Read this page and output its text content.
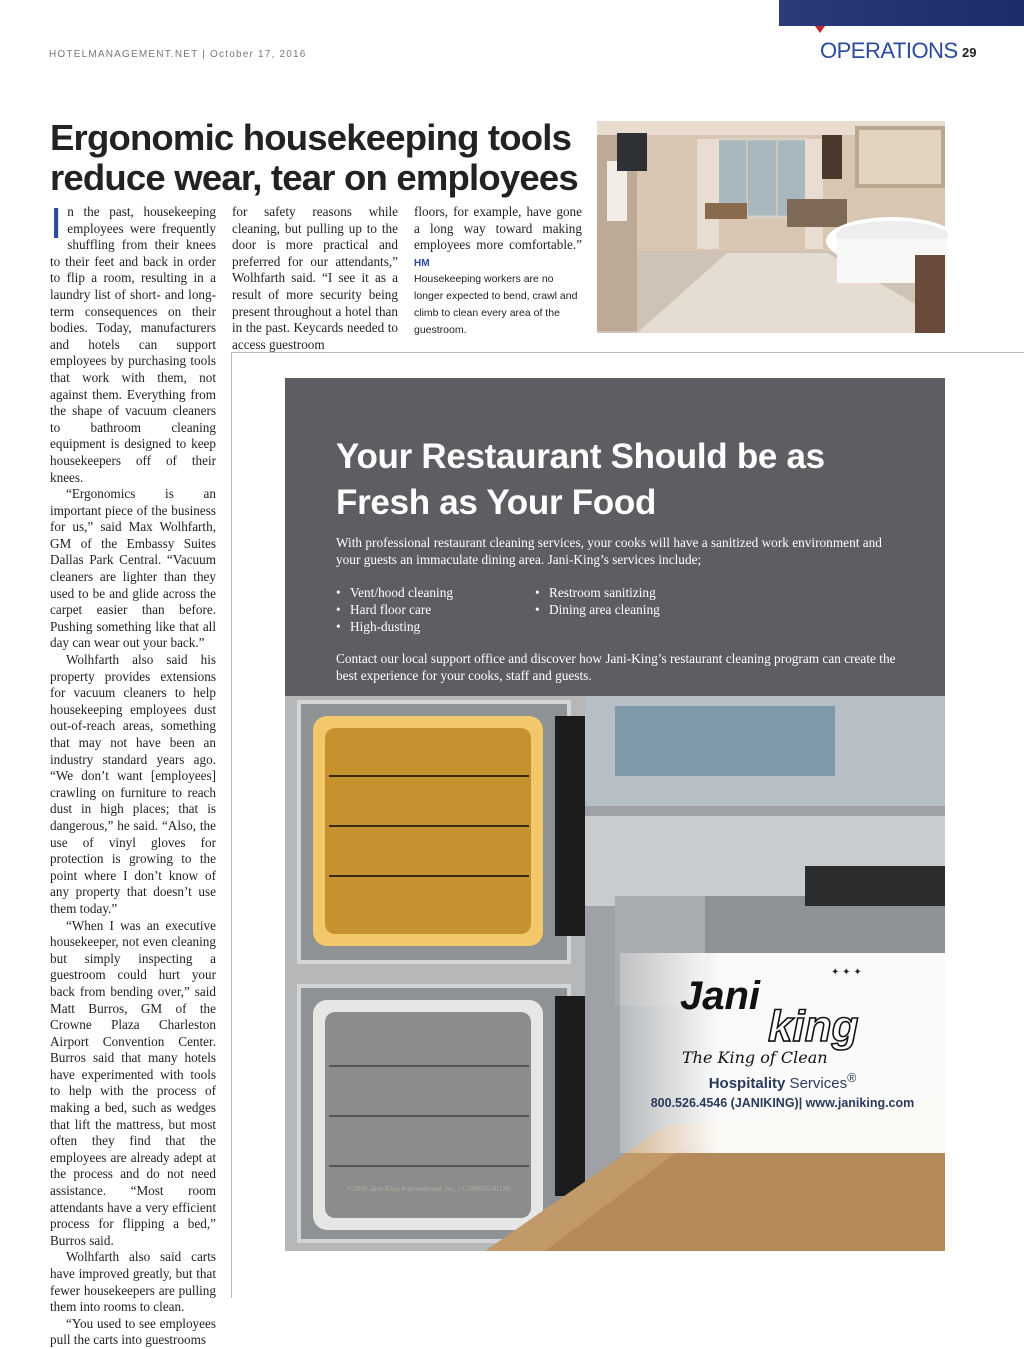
HOTELMANAGEMENT.NET | October 17, 2016	OPERATIONS 29
Ergonomic housekeeping tools reduce wear, tear on employees

In the past, housekeeping employees were frequently shuffling from their knees to their feet and back in order to flip a room, resulting in a laundry list of short- and long-term consequences on their bodies. Today, manufacturers and hotels can support employees by purchasing tools that work with them, not against them. Everything from the shape of vacuum cleaners to bathroom cleaning equipment is designed to keep housekeepers off of their knees.

“Ergonomics is an important piece of the business for us,” said Max Wolhfarth, GM of the Embassy Suites Dallas Park Central. “Vacuum cleaners are lighter than they used to be and glide across the carpet easier than before. Pushing something like that all day can wear out your back.”

Wolhfarth also said his property provides extensions for vacuum cleaners to help housekeeping employees dust out-of-reach areas, something that may not have been an industry standard years ago. “We don’t want [employees] crawling on furniture to reach dust in high places; that is dangerous,” he said. “Also, the use of vinyl gloves for protection is growing to the point where I don’t know of any property that doesn’t use them today.”

“When I was an executive housekeeper, not even cleaning but simply inspecting a guestroom could hurt your back from bending over,” said Matt Burros, GM of the Crowne Plaza Charleston Airport Convention Center. Burros said that many hotels have experimented with tools to help with the process of making a bed, such as wedges that lift the mattress, but most often they find that the employees are already adept at the process and do not need assistance. “Most room attendants have a very efficient process for flipping a bed,” Burros said.

Wolhfarth also said carts have improved greatly, but that fewer housekeepers are pulling them into rooms to clean.

“You used to see employees pull the carts into guestrooms

for safety reasons while cleaning, but pulling up to the door is more practical and preferred for our attendants,” Wolhfarth said. “I see it as a result of more security being present throughout a hotel than in the past. Keycards needed to access guestroom

floors, for example, have gone a long way toward making employees more comfortable.” HM

Housekeeping workers are no longer expected to bend, crawl and climb to clean every area of the guestroom.
Your Restaurant Should be as
Fresh as Your Food

With professional restaurant cleaning services, your cooks will have a sanitized work environment and your guests an immaculate dining area. Jani-King’s services include;

• Vent/hood cleaning
• Hard floor care
• High-dusting
• Restroom sanitizing
• Dining area cleaning

Contact our local support office and discover how Jani-King’s restaurant cleaning program can create the best experience for your cooks, staff and guests.

✦ ✦ ✦
Jani
king
The King of Clean
Hospitality Services®
800.526.4546 (JANIKING)| www.janiking.com
©2016 Jani-King International, Inc. | C100616-01136
